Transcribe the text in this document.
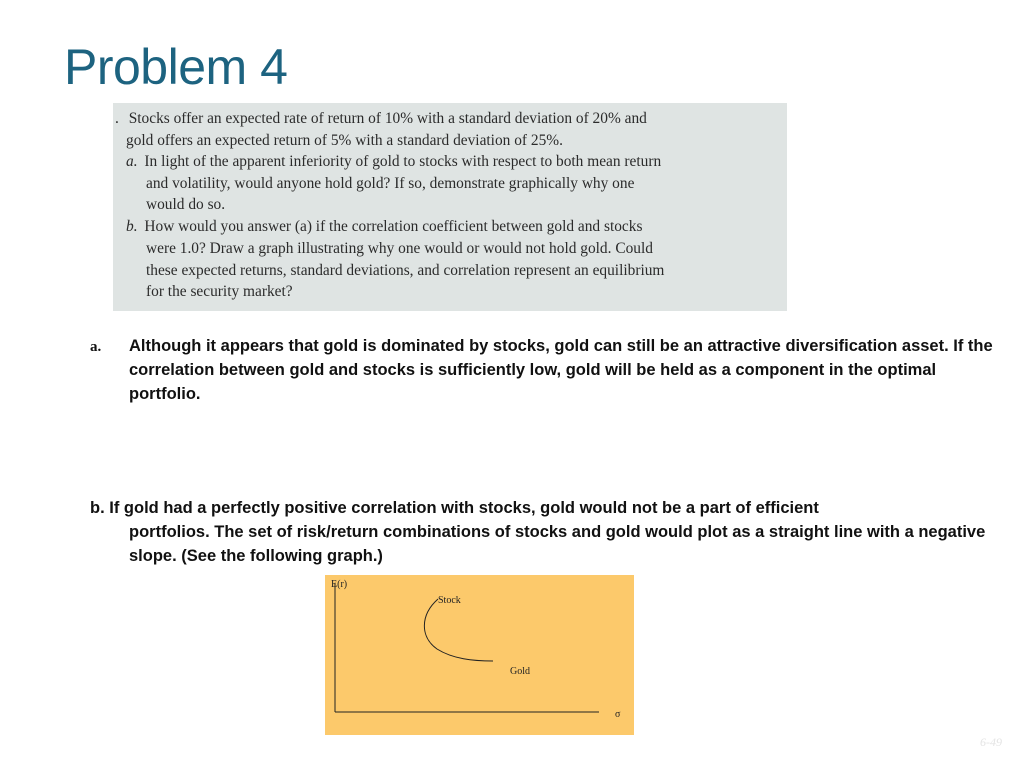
Problem 4
. Stocks offer an expected rate of return of 10% with a standard deviation of 20% and
gold offers an expected return of 5% with a standard deviation of 25%.
a. In light of the apparent inferiority of gold to stocks with respect to both mean return
and volatility, would anyone hold gold? If so, demonstrate graphically why one
would do so.
b. How would you answer (a) if the correlation coefficient between gold and stocks
were 1.0? Draw a graph illustrating why one would or would not hold gold. Could
these expected returns, standard deviations, and correlation represent an equilibrium
for the security market?
a. Although it appears that gold is dominated by stocks, gold can still be an attractive diversification asset. If the correlation between gold and stocks is sufficiently low, gold will be held as a component in the optimal portfolio.
b. If gold had a perfectly positive correlation with stocks, gold would not be a part of efficient
portfolios. The set of risk/return combinations of stocks and gold would plot as a straight line with a negative slope. (See the following graph.)
E(r)
Stock
Gold
σ
6-49
